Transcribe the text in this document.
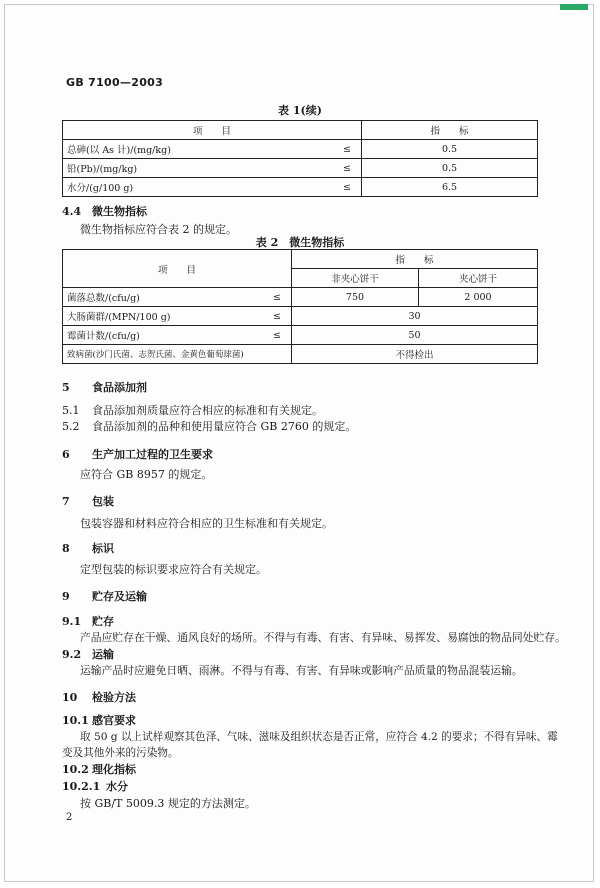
GB 7100—2003
表 1(续)
项　　目		指　　标
总砷(以 As 计)/(mg/kg)	≤	0.5
铅(Pb)/(mg/kg)	≤	0.5
水分/(g/100 g)	≤	6.5
4.4 微生物指标
微生物指标应符合表 2 的规定。
表 2　微生物指标
项　　目		指　　标	
		非夹心饼干	夹心饼干
菌落总数/(cfu/g)	≤	750	2 000
大肠菌群/(MPN/100 g)	≤	30	
霉菌计数/(cfu/g)	≤	50	
致病菌(沙门氏菌、志贺氏菌、金黄色葡萄球菌)		不得检出	
5 食品添加剂
5.1 食品添加剂质量应符合相应的标准和有关规定。
5.2 食品添加剂的品种和使用量应符合 GB 2760 的规定。
6 生产加工过程的卫生要求
应符合 GB 8957 的规定。
7 包装
包装容器和材料应符合相应的卫生标准和有关规定。
8 标识
定型包装的标识要求应符合有关规定。
9 贮存及运输
9.1 贮存
产品应贮存在干燥、通风良好的场所。不得与有毒、有害、有异味、易挥发、易腐蚀的物品同处贮存。
9.2 运输
运输产品时应避免日晒、雨淋。不得与有毒、有害、有异味或影响产品质量的物品混装运输。
10 检验方法
10.1 感官要求
取 50 g 以上试样观察其色泽、气味、滋味及组织状态是否正常，应符合 4.2 的要求；不得有异味、霉
变及其他外来的污染物。
10.2 理化指标
10.2.1 水分
按 GB/T 5009.3 规定的方法测定。
2
